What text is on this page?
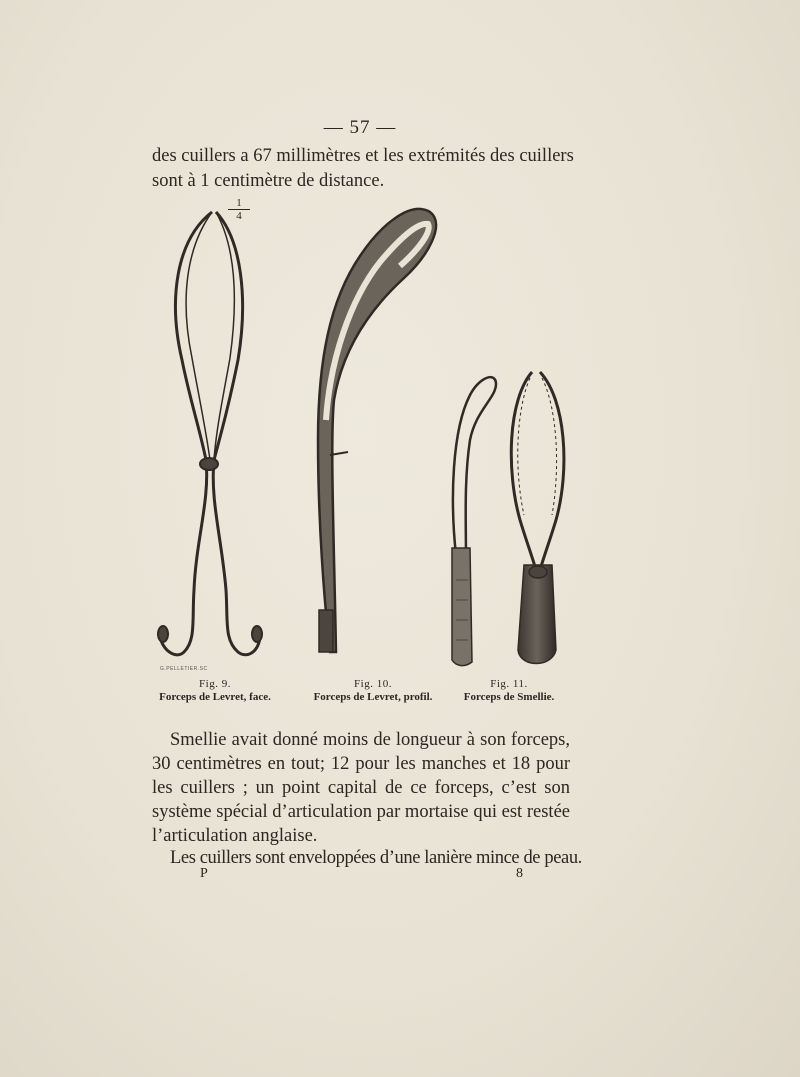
— 57 —
des cuillers a 67 millimètres et les extrémités des cuillers
sont à 1 centimètre de distance.
1
4
G.PELLETIER.SC
Fig. 9.
Forceps de Levret, face.
Fig. 10.
Forceps de Levret, profil.
Fig. 11.
Forceps de Smellie.
Smellie avait donné moins de longueur à son forceps,
30 centimètres en tout; 12 pour les manches et 18 pour
les cuillers ; un point capital de ce forceps, c’est son
système spécial d’articulation par mortaise qui est restée
l’articulation anglaise.
Les cuillers sont enveloppées d’une lanière mince de peau.
P	8
